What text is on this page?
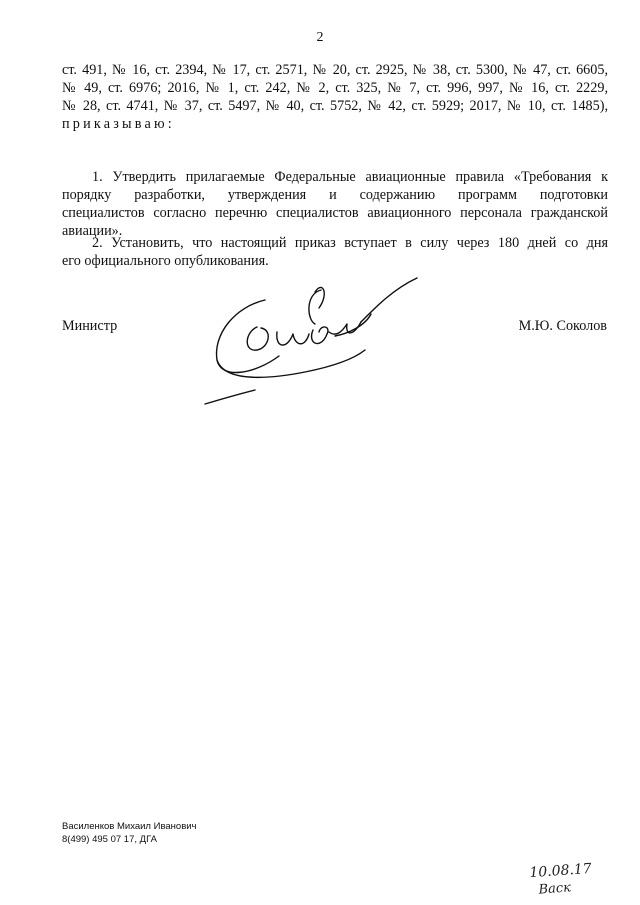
2
ст. 491, № 16, ст. 2394, № 17, ст. 2571, № 20, ст. 2925, № 38, ст. 5300, № 47, ст. 6605,
№ 49, ст. 6976; 2016, № 1, ст. 242, № 2, ст. 325, № 7, ст. 996, 997, № 16, ст. 2229,
№ 28, ст. 4741, № 37, ст. 5497, № 40, ст. 5752, № 42, ст. 5929; 2017, № 10, ст. 1485),
приказываю:
1. Утвердить прилагаемые Федеральные авиационные правила «Требования к
порядку разработки, утверждения и содержанию программ подготовки
специалистов согласно перечню специалистов авиационного персонала гражданской
авиации».
2. Установить, что настоящий приказ вступает в силу через 180 дней со дня
его официального опубликования.
Министр	М.Ю. Соколов
Василенков Михаил Иванович
8(499) 495 07 17, ДГА
10.08.17
Васк
